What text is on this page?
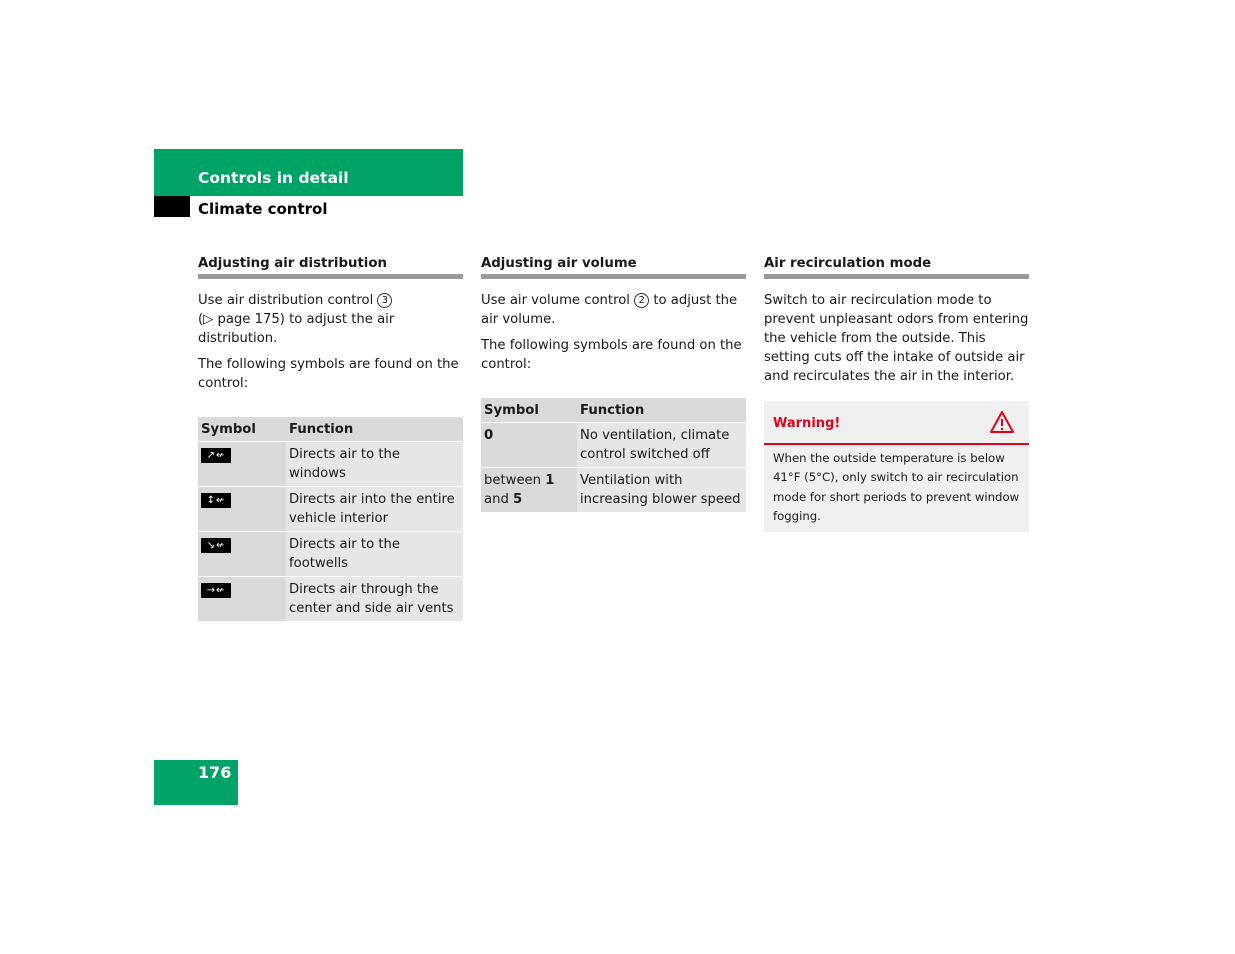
Controls in detail
Climate control
Adjusting air distribution
Use air distribution control 3
(▷ page 175) to adjust the air distribution.
The following symbols are found on the control:
Symbol	Function
↗↚	Directs air to the windows
↕↚	Directs air into the entire vehicle interior
↘↚	Directs air to the footwells
→↚	Directs air through the center and side air vents
Adjusting air volume
Use air volume control 2 to adjust the air volume.
The following symbols are found on the control:
Symbol	Function
0	No ventilation, climate control switched off
between 1 and 5	Ventilation with increasing blower speed
Air recirculation mode
Switch to air recirculation mode to prevent unpleasant odors from entering the vehicle from the outside. This setting cuts off the intake of outside air and recirculates the air in the interior.
Warning!
When the outside temperature is below 41°F (5°C), only switch to air recirculation mode for short periods to prevent window fogging.
176
